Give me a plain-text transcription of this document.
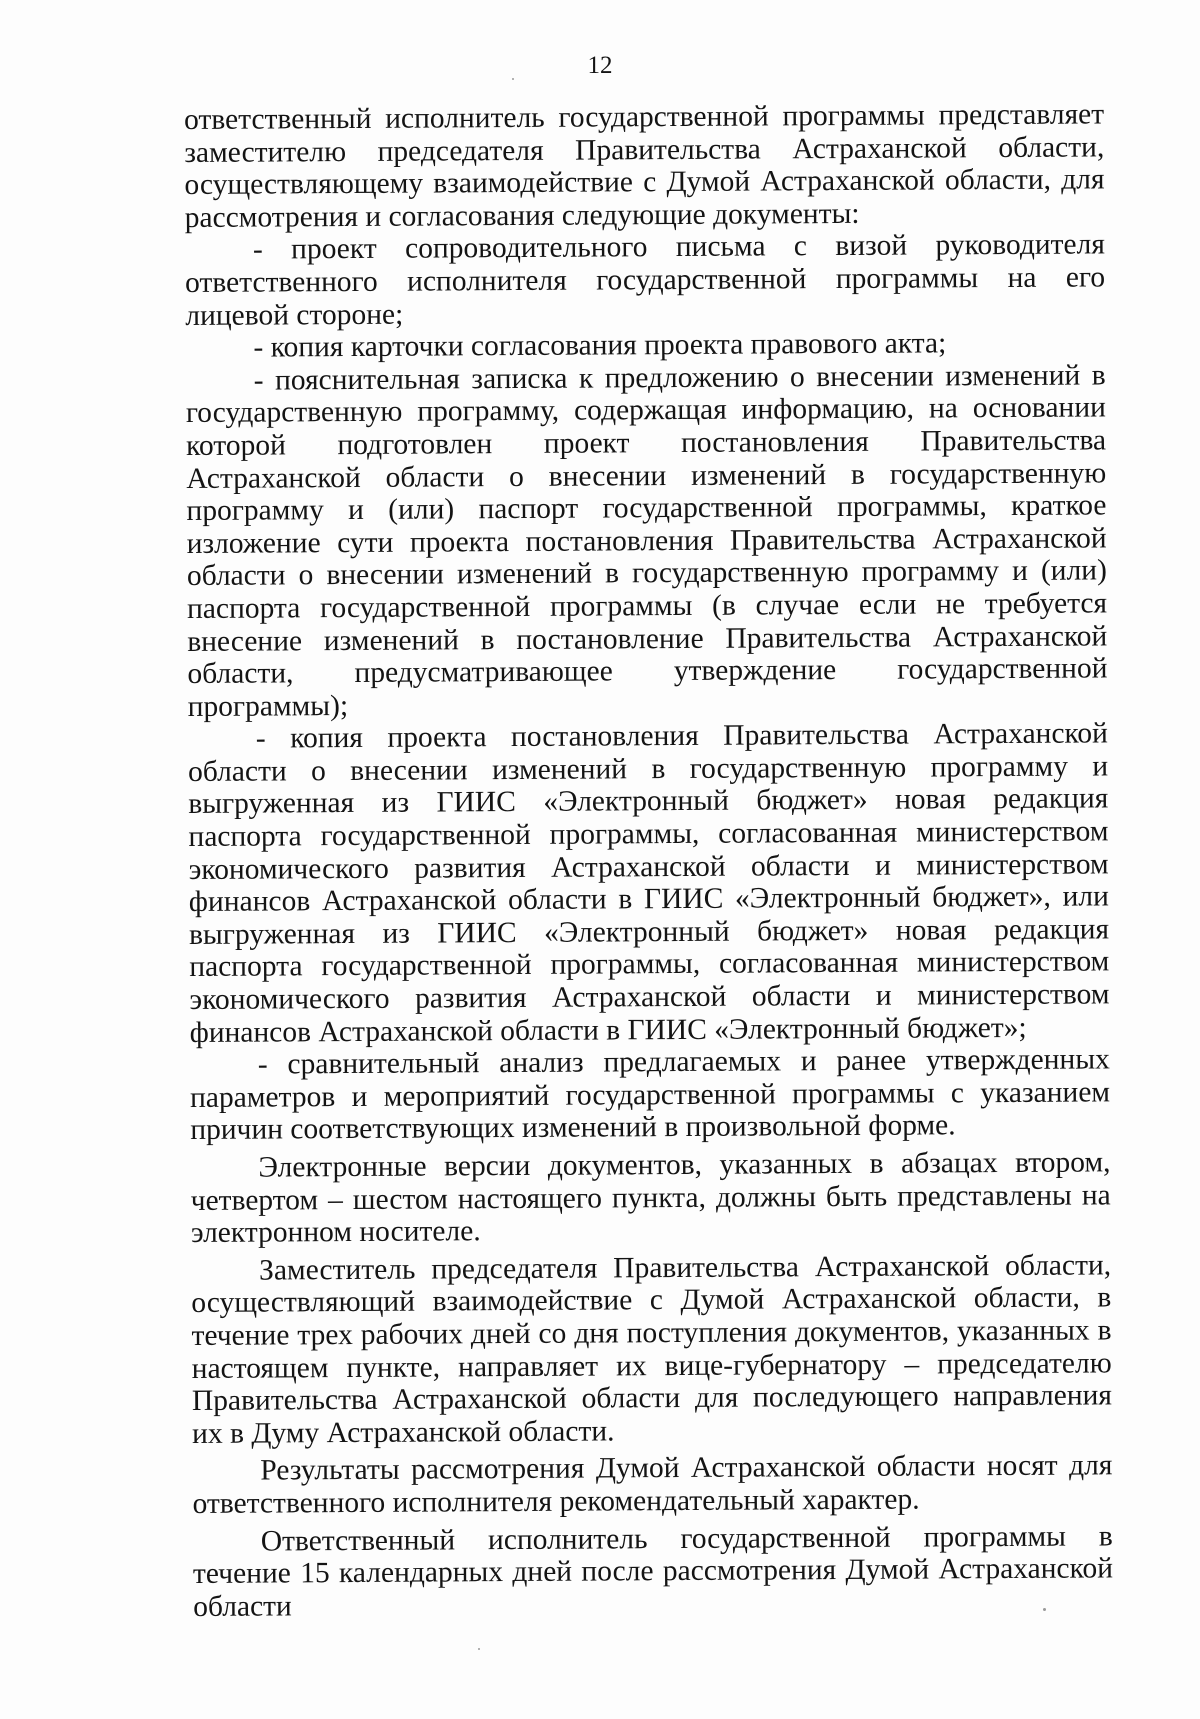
12

ответственный исполнитель государственной программы представляет заместителю председателя Правительства Астраханской области, осуществляющему взаимодействие с Думой Астраханской области, для рассмотрения и согласования следующие документы:

- проект сопроводительного письма с визой руководителя ответственного исполнителя государственной программы на его лицевой стороне;

- копия карточки согласования проекта правового акта;

- пояснительная записка к предложению о внесении изменений в государственную программу, содержащая информацию, на основании которой подготовлен проект постановления Правительства Астраханской области о внесении изменений в государственную программу и (или) паспорт государственной программы, краткое изложение сути проекта постановления Правительства Астраханской области о внесении изменений в государственную программу и (или) паспорта государственной программы (в случае если не требуется внесение изменений в постановление Правительства Астраханской области, предусматривающее утверждение государственной программы);

- копия проекта постановления Правительства Астраханской области о внесении изменений в государственную программу и выгруженная из ГИИС «Электронный бюджет» новая редакция паспорта государственной программы, согласованная министерством экономического развития Астраханской области и министерством финансов Астраханской области в ГИИС «Электронный бюджет», или выгруженная из ГИИС «Электронный бюджет» новая редакция паспорта государственной программы, согласованная министерством экономического развития Астраханской области и министерством финансов Астраханской области в ГИИС «Электронный бюджет»;

- сравнительный анализ предлагаемых и ранее утвержденных параметров и мероприятий государственной программы с указанием причин соответствующих изменений в произвольной форме.

Электронные версии документов, указанных в абзацах втором, четвертом – шестом настоящего пункта, должны быть представлены на электронном носителе.

Заместитель председателя Правительства Астраханской области, осуществляющий взаимодействие с Думой Астраханской области, в течение трех рабочих дней со дня поступления документов, указанных в настоящем пункте, направляет их вице-губернатору – председателю Правительства Астраханской области для последующего направления их в Думу Астраханской области.

Результаты рассмотрения Думой Астраханской области носят для ответственного исполнителя рекомендательный характер.

Ответственный исполнитель государственной программы в течение 15 календарных дней после рассмотрения Думой Астраханской области
